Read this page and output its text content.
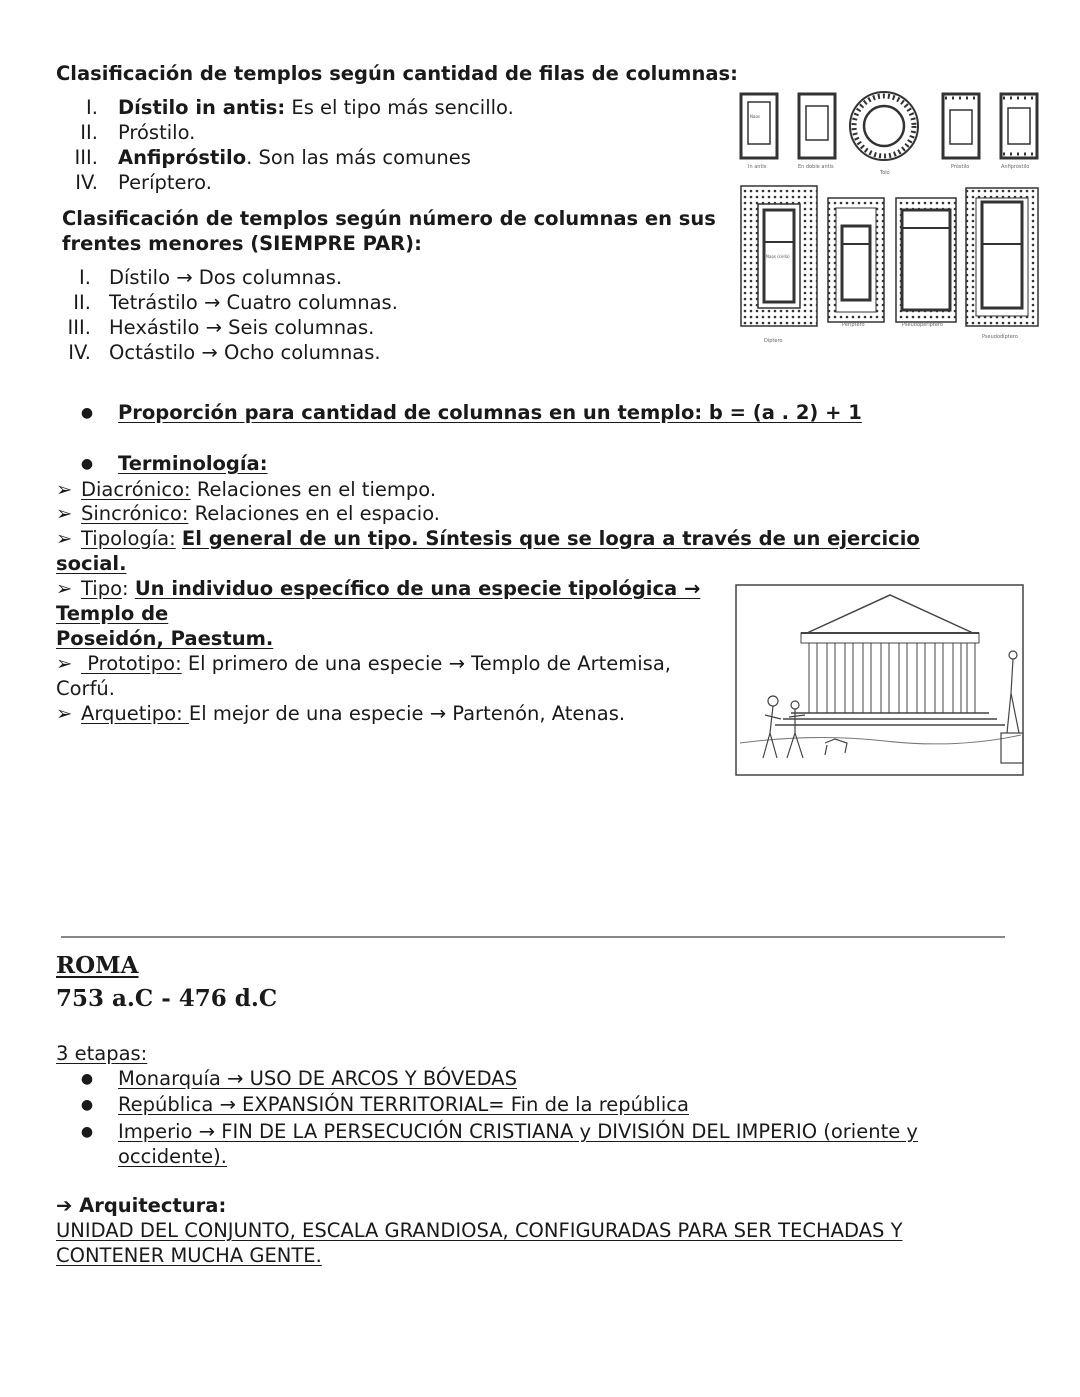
Clasificación de templos según cantidad de filas de columnas:
I. Dístilo in antis: Es el tipo más sencillo.
II. Próstilo.
III. Anfipróstilo. Son las más comunes
IV. Períptero.
Clasificación de templos según número de columnas en sus
frentes menores (SIEMPRE PAR):
I. Dístilo → Dos columnas.
II. Tetrástilo → Cuatro columnas.
III. Hexástilo → Seis columnas.
IV. Octástilo → Ocho columnas.
Naos
In antis	En doble antis
Tolo
Próstilo	Anfipróstilo
Naos (cella)
Díptero
Períptero	Pseudoperíptero
Pseudodíptero
● Proporción para cantidad de columnas en un templo: b = (a . 2) + 1
● Terminología:
➢ Diacrónico: Relaciones en el tiempo.
➢ Sincrónico: Relaciones en el espacio.
➢ Tipología: El general de un tipo. Síntesis que se logra a través de un ejercicio
social.
➢ Tipo: Un individuo específico de una especie tipológica →
Templo de
Poseidón, Paestum.
➢ Prototipo: El primero de una especie → Templo de Artemisa,
Corfú.
➢ Arquetipo: El mejor de una especie → Partenón, Atenas.
ROMA
753 a.C - 476 d.C
3 etapas:
● Monarquía → USO DE ARCOS Y BÓVEDAS
● República → EXPANSIÓN TERRITORIAL= Fin de la república
● Imperio → FIN DE LA PERSECUCIÓN CRISTIANA y DIVISIÓN DEL IMPERIO (oriente y
occidente).
➔ Arquitectura:
UNIDAD DEL CONJUNTO, ESCALA GRANDIOSA, CONFIGURADAS PARA SER TECHADAS Y
CONTENER MUCHA GENTE.
